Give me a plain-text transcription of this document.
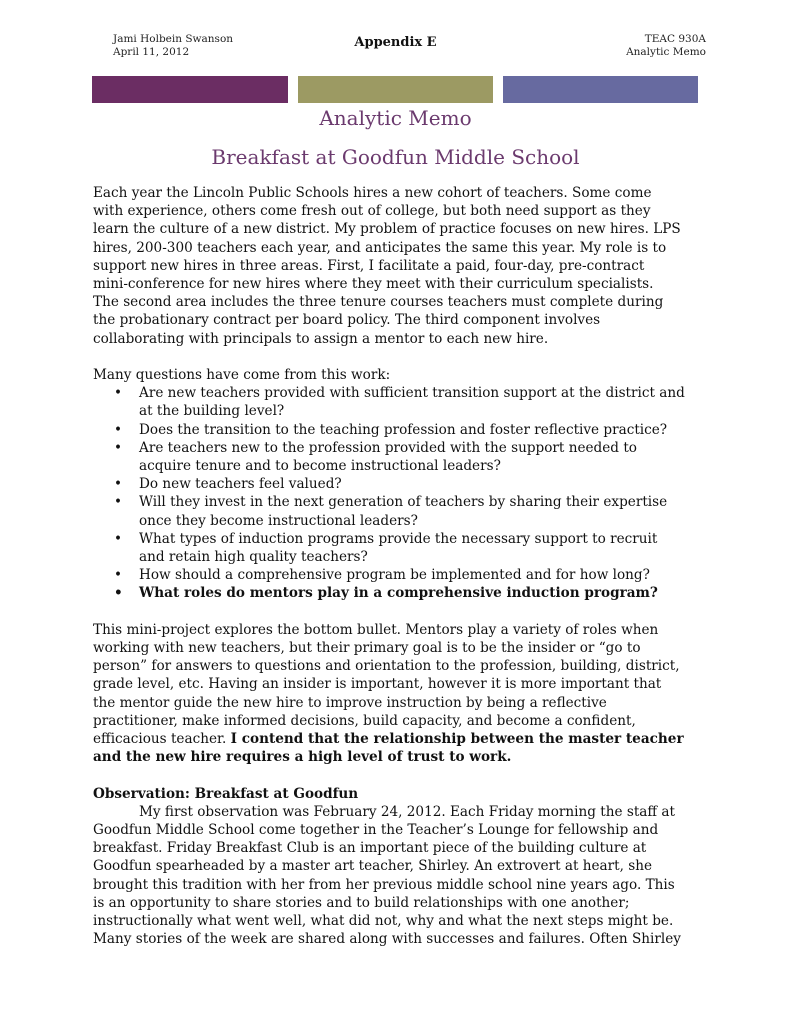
Jami Holbein Swanson
April 11, 2012
Appendix E	TEAC 930A
Analytic Memo
Analytic Memo
Breakfast at Goodfun Middle School

Each year the Lincoln Public Schools hires a new cohort of teachers. Some come
with experience, others come fresh out of college, but both need support as they
learn the culture of a new district. My problem of practice focuses on new hires. LPS
hires, 200-300 teachers each year, and anticipates the same this year. My role is to
support new hires in three areas. First, I facilitate a paid, four-day, pre-contract
mini-conference for new hires where they meet with their curriculum specialists.
The second area includes the three tenure courses teachers must complete during
the probationary contract per board policy. The third component involves
collaborating with principals to assign a mentor to each new hire.

Many questions have come from this work:

• Are new teachers provided with sufficient transition support at the district and
at the building level?
• Does the transition to the teaching profession and foster reflective practice?
• Are teachers new to the profession provided with the support needed to
acquire tenure and to become instructional leaders?
• Do new teachers feel valued?
• Will they invest in the next generation of teachers by sharing their expertise
once they become instructional leaders?
• What types of induction programs provide the necessary support to recruit
and retain high quality teachers?
• How should a comprehensive program be implemented and for how long?
• What roles do mentors play in a comprehensive induction program?

This mini-project explores the bottom bullet. Mentors play a variety of roles when
working with new teachers, but their primary goal is to be the insider or “go to
person” for answers to questions and orientation to the profession, building, district,
grade level, etc. Having an insider is important, however it is more important that
the mentor guide the new hire to improve instruction by being a reflective
practitioner, make informed decisions, build capacity, and become a confident,
efficacious teacher. I contend that the relationship between the master teacher
and the new hire requires a high level of trust to work.

Observation: Breakfast at Goodfun

My first observation was February 24, 2012. Each Friday morning the staff at
Goodfun Middle School come together in the Teacher’s Lounge for fellowship and
breakfast. Friday Breakfast Club is an important piece of the building culture at
Goodfun spearheaded by a master art teacher, Shirley. An extrovert at heart, she
brought this tradition with her from her previous middle school nine years ago. This
is an opportunity to share stories and to build relationships with one another;
instructionally what went well, what did not, why and what the next steps might be.
Many stories of the week are shared along with successes and failures. Often Shirley
